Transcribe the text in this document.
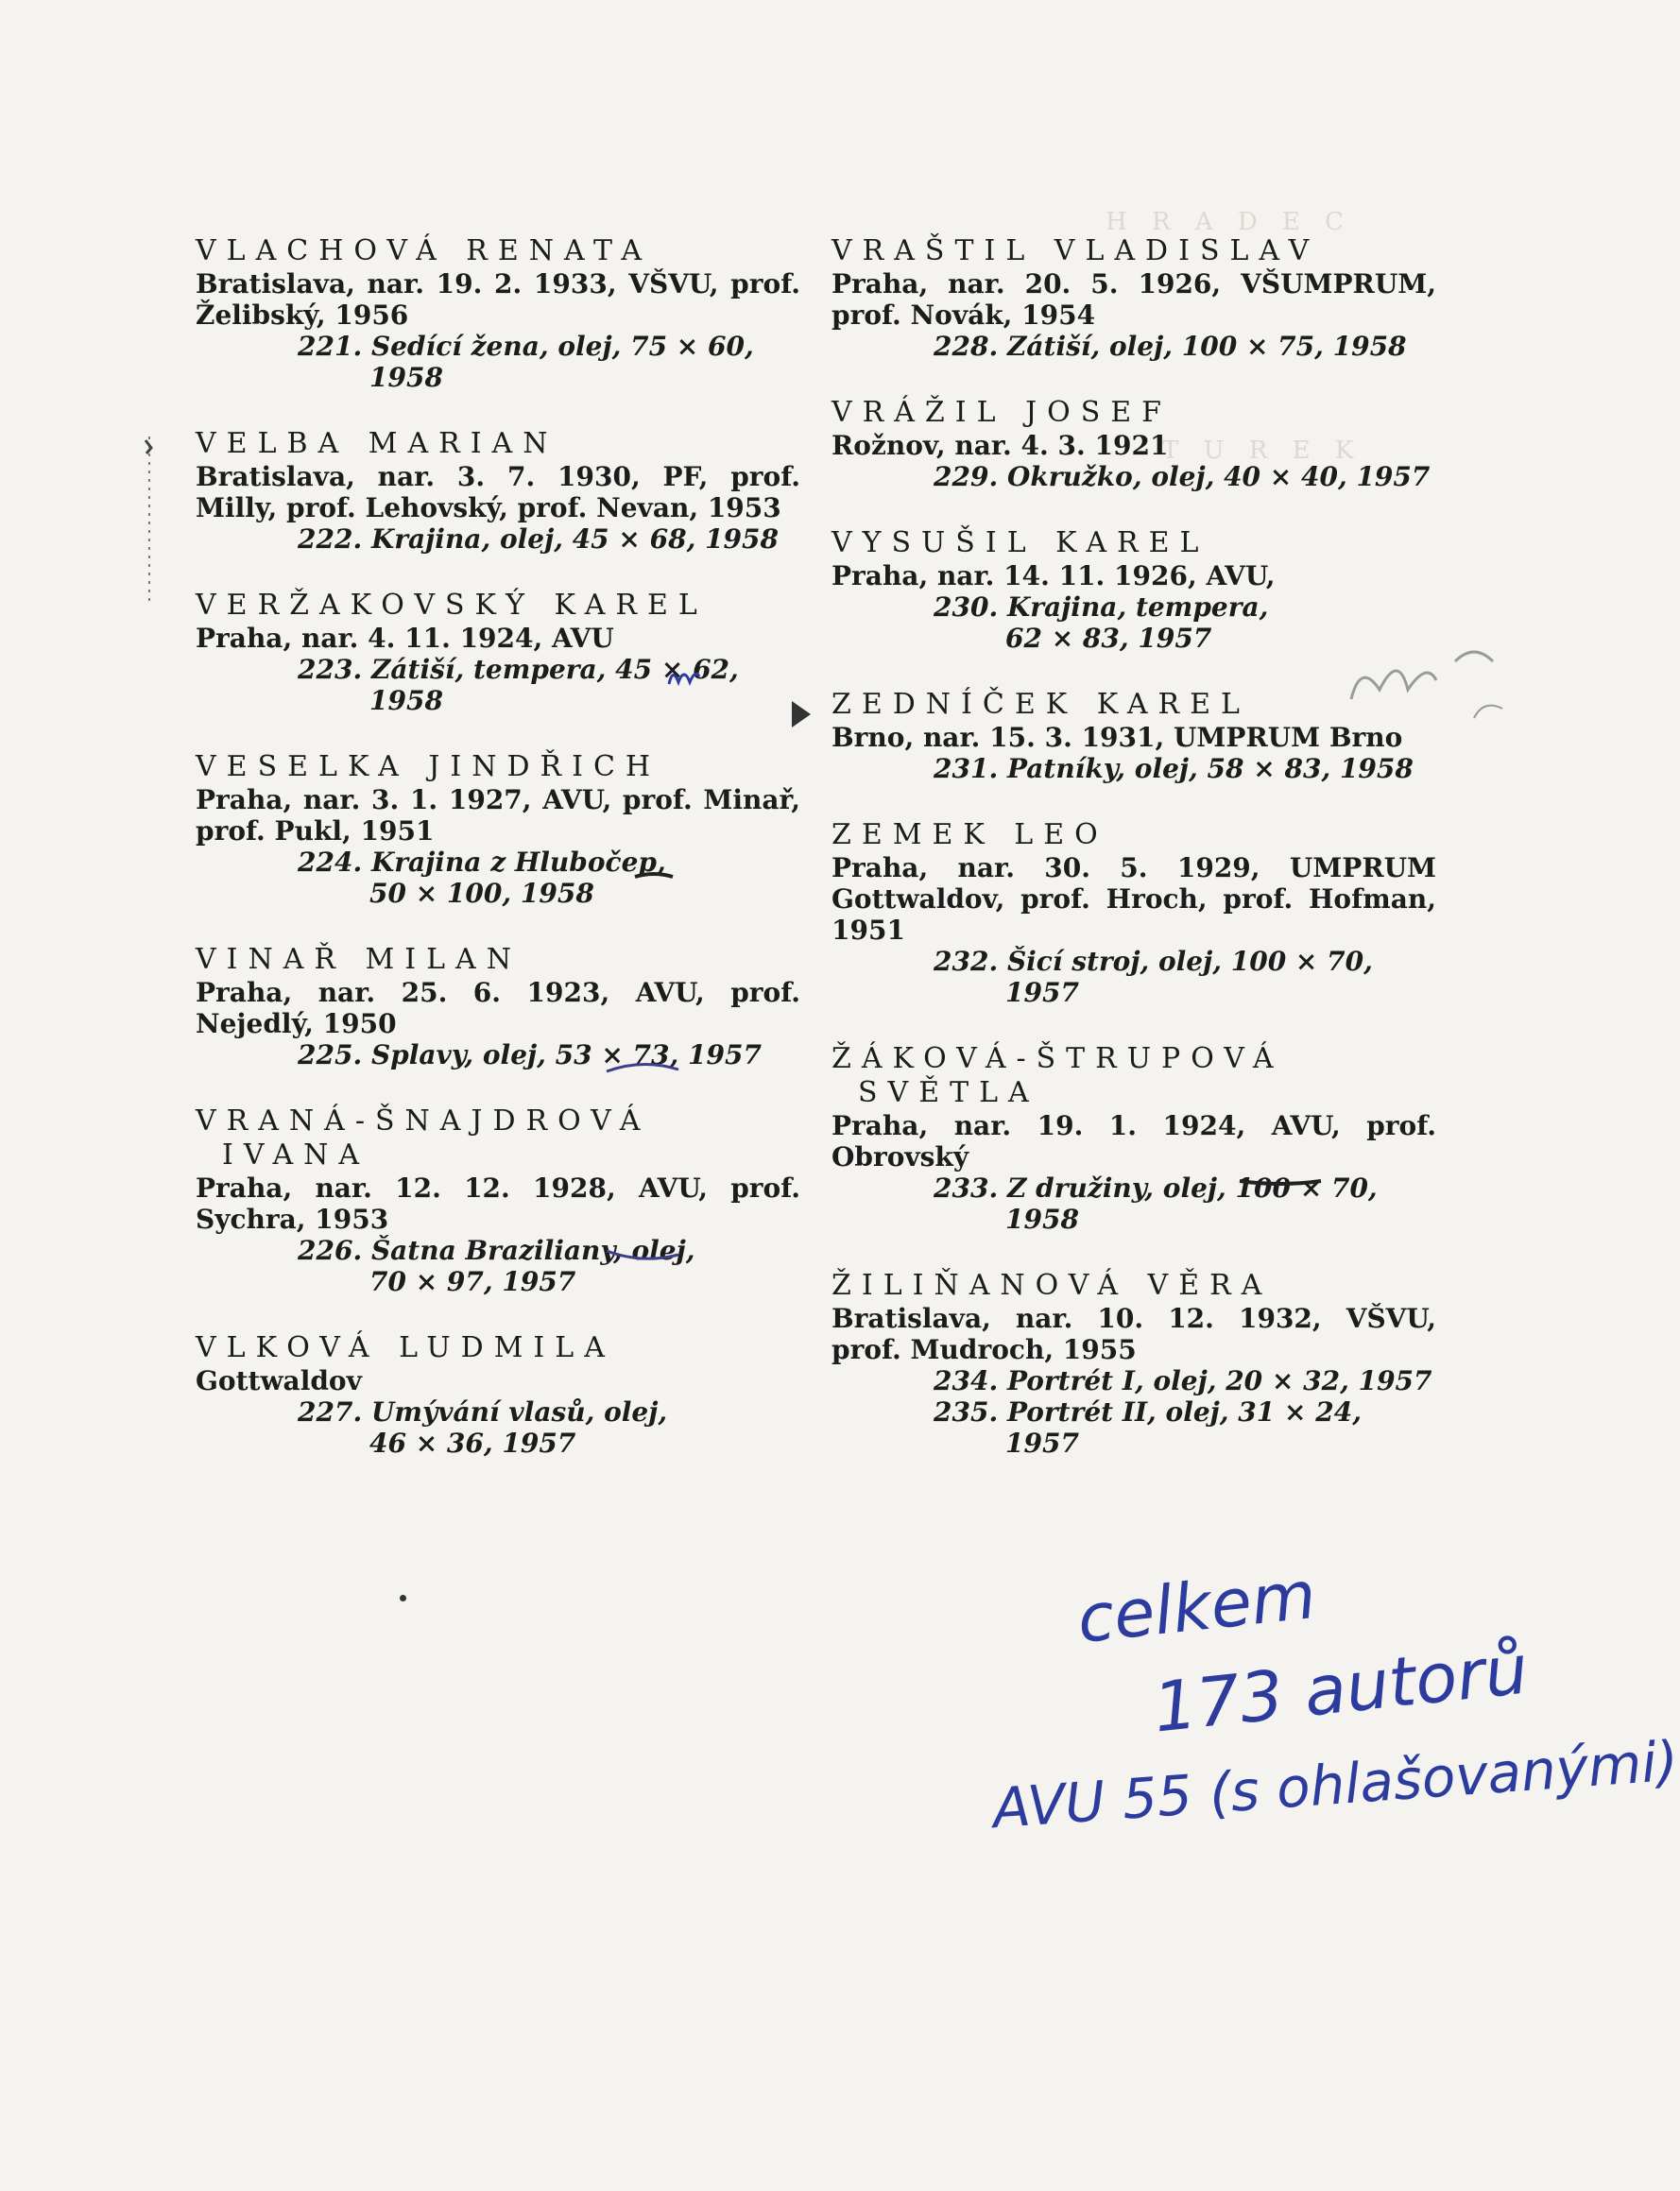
H R A D E C
T U R E K

VLACHOVÁ RENATA

Bratislava, nar. 19. 2. 1933, VŠVU, prof. Želibský, 1956

221. Sedící žena, olej, 75 × 60,
1958

VELBA MARIAN

Bratislava, nar. 3. 7. 1930, PF, prof. Milly, prof. Lehovský, prof. Nevan, 1953

222. Krajina, olej, 45 × 68, 1958

VERŽAKOVSKÝ KAREL

Praha, nar. 4. 11. 1924, AVU

223. Zátiší, tempera, 45 × 62,
1958

VESELKA JINDŘICH

Praha, nar. 3. 1. 1927, AVU, prof. Minař, prof. Pukl, 1951

224. Krajina z Hlubočep,
50 × 100, 1958

VINAŘ MILAN

Praha, nar. 25. 6. 1923, AVU, prof. Nejedlý, 1950

225. Splavy, olej, 53 × 73, 1957

VRANÁ-ŠNAJDROVÁ
IVANA

Praha, nar. 12. 12. 1928, AVU, prof. Sychra, 1953

226. Šatna Braziliany, olej,
70 × 97, 1957

VLKOVÁ LUDMILA

Gottwaldov

227. Umývání vlasů, olej,
46 × 36, 1957

VRAŠTIL VLADISLAV

Praha, nar. 20. 5. 1926, VŠUMPRUM, prof. Novák, 1954

228. Zátiší, olej, 100 × 75, 1958

VRÁŽIL JOSEF

Rožnov, nar. 4. 3. 1921

229. Okružko, olej, 40 × 40, 1957

VYSUŠIL KAREL

Praha, nar. 14. 11. 1926, AVU,

230. Krajina, tempera,
62 × 83, 1957

ZEDNÍČEK KAREL

Brno, nar. 15. 3. 1931, UMPRUM Brno

231. Patníky, olej, 58 × 83, 1958

ZEMEK LEO

Praha, nar. 30. 5. 1929, UMPRUM Gottwaldov, prof. Hroch, prof. Hofman, 1951

232. Šicí stroj, olej, 100 × 70,
1957

ŽÁKOVÁ-ŠTRUPOVÁ
SVĚTLA

Praha, nar. 19. 1. 1924, AVU, prof. Obrovský

233. Z družiny, olej, 100 × 70,
1958

ŽILIŇANOVÁ VĚRA

Bratislava, nar. 10. 12. 1932, VŠVU, prof. Mudroch, 1955

234. Portrét I, olej, 20 × 32, 1957

235. Portrét II, olej, 31 × 24,
1957

celkem
173 autorů
AVU 55 (s ohlašovanými)
